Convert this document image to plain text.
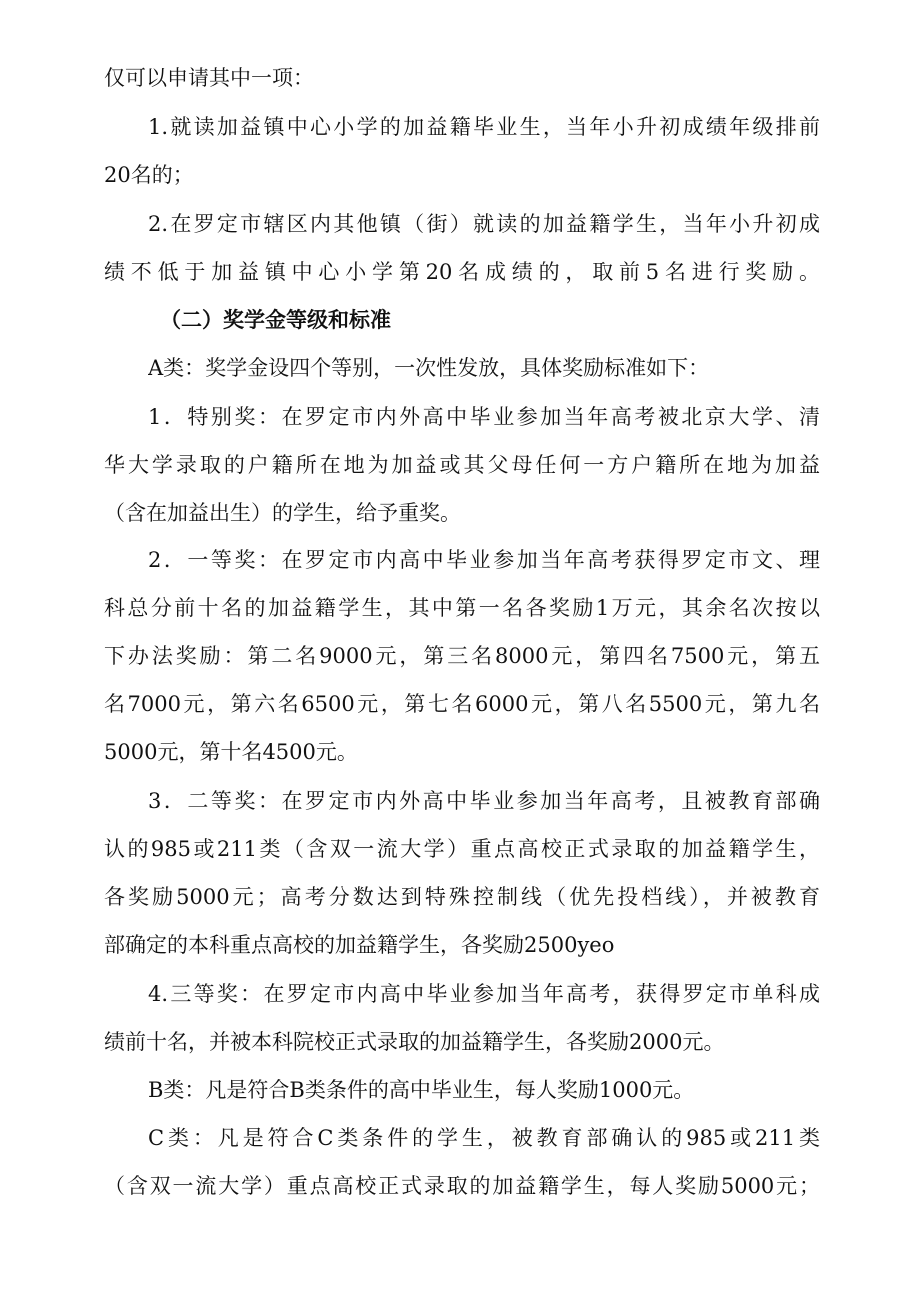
仅可以申请其中一项：
1.就读加益镇中心小学的加益籍毕业生，当年小升初成绩年级排前
20名的；
2.在罗定市辖区内其他镇（街）就读的加益籍学生，当年小升初成
绩不低于加益镇中心小学第20名成绩的，取前5名进行奖励。
（二）奖学金等级和标准
A类：奖学金设四个等别，一次性发放，具体奖励标准如下：
1．特别奖：在罗定市内外高中毕业参加当年高考被北京大学、清
华大学录取的户籍所在地为加益或其父母任何一方户籍所在地为加益
（含在加益出生）的学生，给予重奖。
2．一等奖：在罗定市内高中毕业参加当年高考获得罗定市文、理
科总分前十名的加益籍学生，其中第一名各奖励1万元，其余名次按以
下办法奖励：第二名9000元，第三名8000元，第四名7500元，第五
名7000元，第六名6500元，第七名6000元，第八名5500元，第九名
5000元，第十名4500元。
3．二等奖：在罗定市内外高中毕业参加当年高考，且被教育部确
认的985或211类（含双一流大学）重点高校正式录取的加益籍学生，
各奖励5000元；高考分数达到特殊控制线（优先投档线），并被教育
部确定的本科重点高校的加益籍学生，各奖励2500yeo
4.三等奖：在罗定市内高中毕业参加当年高考，获得罗定市单科成
绩前十名，并被本科院校正式录取的加益籍学生，各奖励2000元。
B类：凡是符合B类条件的高中毕业生，每人奖励1000元。
C类：凡是符合C类条件的学生，被教育部确认的985或211类
（含双一流大学）重点高校正式录取的加益籍学生，每人奖励5000元；
